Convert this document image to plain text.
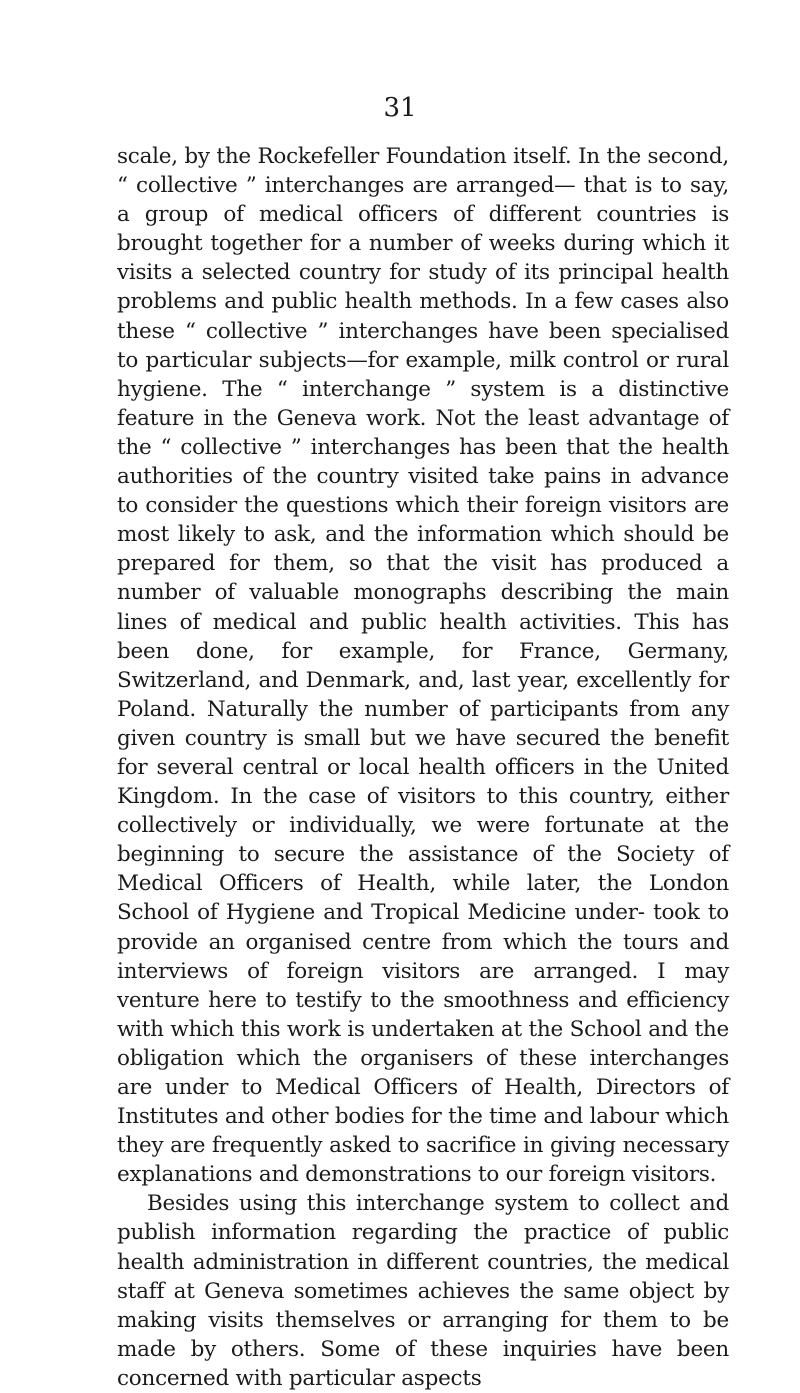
31

scale, by the Rockefeller Foundation itself. In the second, “ collective ” interchanges are arranged— that is to say, a group of medical officers of different countries is brought together for a number of weeks during which it visits a selected country for study of its principal health problems and public health methods. In a few cases also these “ collective ” interchanges have been specialised to particular subjects—for example, milk control or rural hygiene. The “ interchange ” system is a distinctive feature in the Geneva work. Not the least advantage of the “ collective ” interchanges has been that the health authorities of the country visited take pains in advance to consider the questions which their foreign visitors are most likely to ask, and the information which should be prepared for them, so that the visit has produced a number of valuable monographs describing the main lines of medical and public health activities. This has been done, for example, for France, Germany, Switzerland, and Denmark, and, last year, excellently for Poland. Naturally the number of participants from any given country is small but we have secured the benefit for several central or local health officers in the United Kingdom. In the case of visitors to this country, either collectively or individually, we were fortunate at the beginning to secure the assistance of the Society of Medical Officers of Health, while later, the London School of Hygiene and Tropical Medicine under- took to provide an organised centre from which the tours and interviews of foreign visitors are arranged. I may venture here to testify to the smoothness and efficiency with which this work is undertaken at the School and the obligation which the organisers of these interchanges are under to Medical Officers of Health, Directors of Institutes and other bodies for the time and labour which they are frequently asked to sacrifice in giving necessary explanations and demonstrations to our foreign visitors.

Besides using this interchange system to collect and publish information regarding the practice of public health administration in different countries, the medical staff at Geneva sometimes achieves the same object by making visits themselves or arranging for them to be made by others. Some of these inquiries have been concerned with particular aspects
